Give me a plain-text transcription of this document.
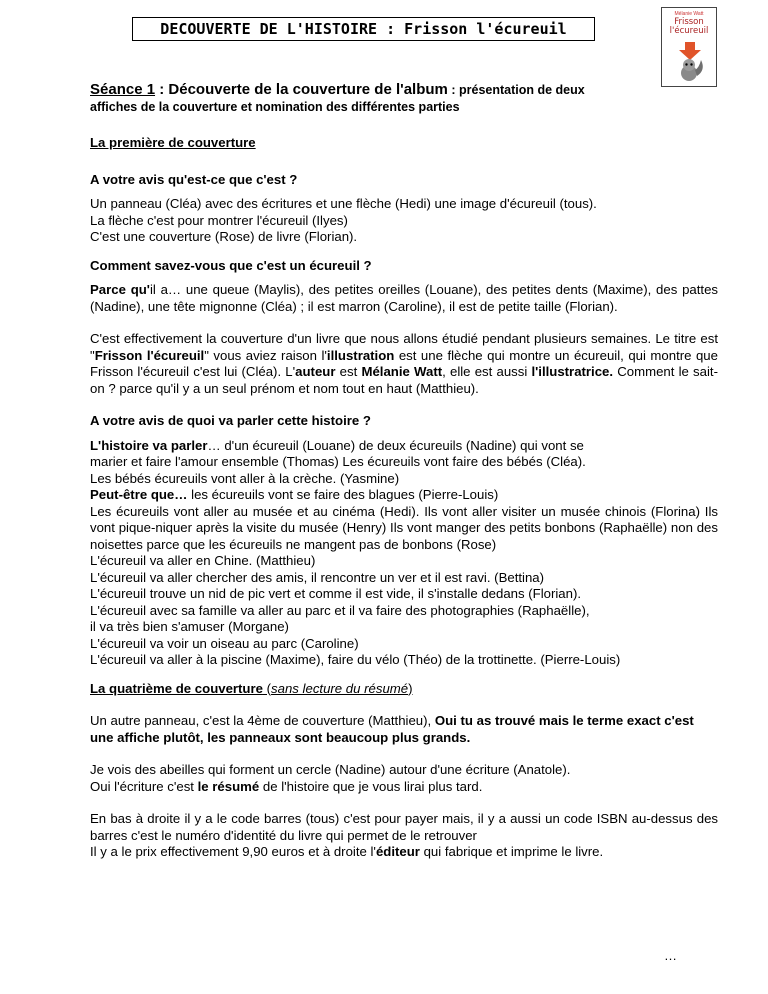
DECOUVERTE DE L'HISTOIRE : Frisson l'écureuil
Mélanie Watt
Frisson
l'écureuil

Séance 1 : Découverte de la couverture de l'album : présentation de deux

affiches de la couverture et nomination des différentes parties

La première de couverture

A votre avis qu'est-ce que c'est ?

Un panneau (Cléa) avec des écritures et une flèche (Hedi) une image d'écureuil (tous).

La flèche c'est pour montrer l'écureuil (Ilyes)

C'est une couverture (Rose) de livre (Florian).

Comment savez-vous que c'est un écureuil ?

Parce qu'il a… une queue (Maylis), des petites oreilles (Louane), des petites dents (Maxime), des pattes (Nadine), une tête mignonne (Cléa) ; il est marron (Caroline), il est de petite taille (Florian).

C'est effectivement la couverture d'un livre que nous allons étudié pendant plusieurs semaines. Le titre est "Frisson l'écureuil" vous aviez raison l'illustration est une flèche qui montre un écureuil, qui montre que Frisson l'écureuil c'est lui (Cléa). L'auteur est Mélanie Watt, elle est aussi l'illustratrice. Comment le sait-on ? parce qu'il y a un seul prénom et nom tout en haut (Matthieu).

A votre avis de quoi va parler cette histoire ?

L'histoire va parler… d'un écureuil (Louane) de deux écureuils (Nadine) qui vont se

marier et faire l'amour ensemble (Thomas) Les écureuils vont faire des bébés (Cléa).

Les bébés écureuils vont aller à la crèche. (Yasmine)

Peut-être que… les écureuils vont se faire des blagues (Pierre-Louis)

Les écureuils vont aller au musée et au cinéma (Hedi). Ils vont aller visiter un musée chinois (Florina) Ils vont pique-niquer après la visite du musée (Henry) Ils vont manger des petits bonbons (Raphaëlle) non des noisettes parce que les écureuils ne mangent pas de bonbons (Rose)

L'écureuil va aller en Chine. (Matthieu)

L'écureuil va aller chercher des amis, il rencontre un ver et il est ravi. (Bettina)

L'écureuil trouve un nid de pic vert et comme il est vide, il s'installe dedans (Florian).

L'écureuil avec sa famille va aller au parc et il va faire des photographies (Raphaëlle),

il va très bien s'amuser (Morgane)

L'écureuil va voir un oiseau au parc (Caroline)

L'écureuil va aller à la piscine (Maxime), faire du vélo (Théo) de la trottinette. (Pierre-Louis)

La quatrième de couverture (sans lecture du résumé)

Un autre panneau, c'est la 4ème de couverture (Matthieu), Oui tu as trouvé mais le terme exact c'est une affiche plutôt, les panneaux sont beaucoup plus grands.

Je vois des abeilles qui forment un cercle (Nadine) autour d'une écriture (Anatole).

Oui l'écriture c'est le résumé de l'histoire que je vous lirai plus tard.

En bas à droite il y a le code barres (tous) c'est pour payer mais, il y a aussi un code ISBN au-dessus des barres c'est le numéro d'identité du livre qui permet de le retrouver

Il y a le prix effectivement 9,90 euros et à droite l'éditeur qui fabrique et imprime le livre.

…
